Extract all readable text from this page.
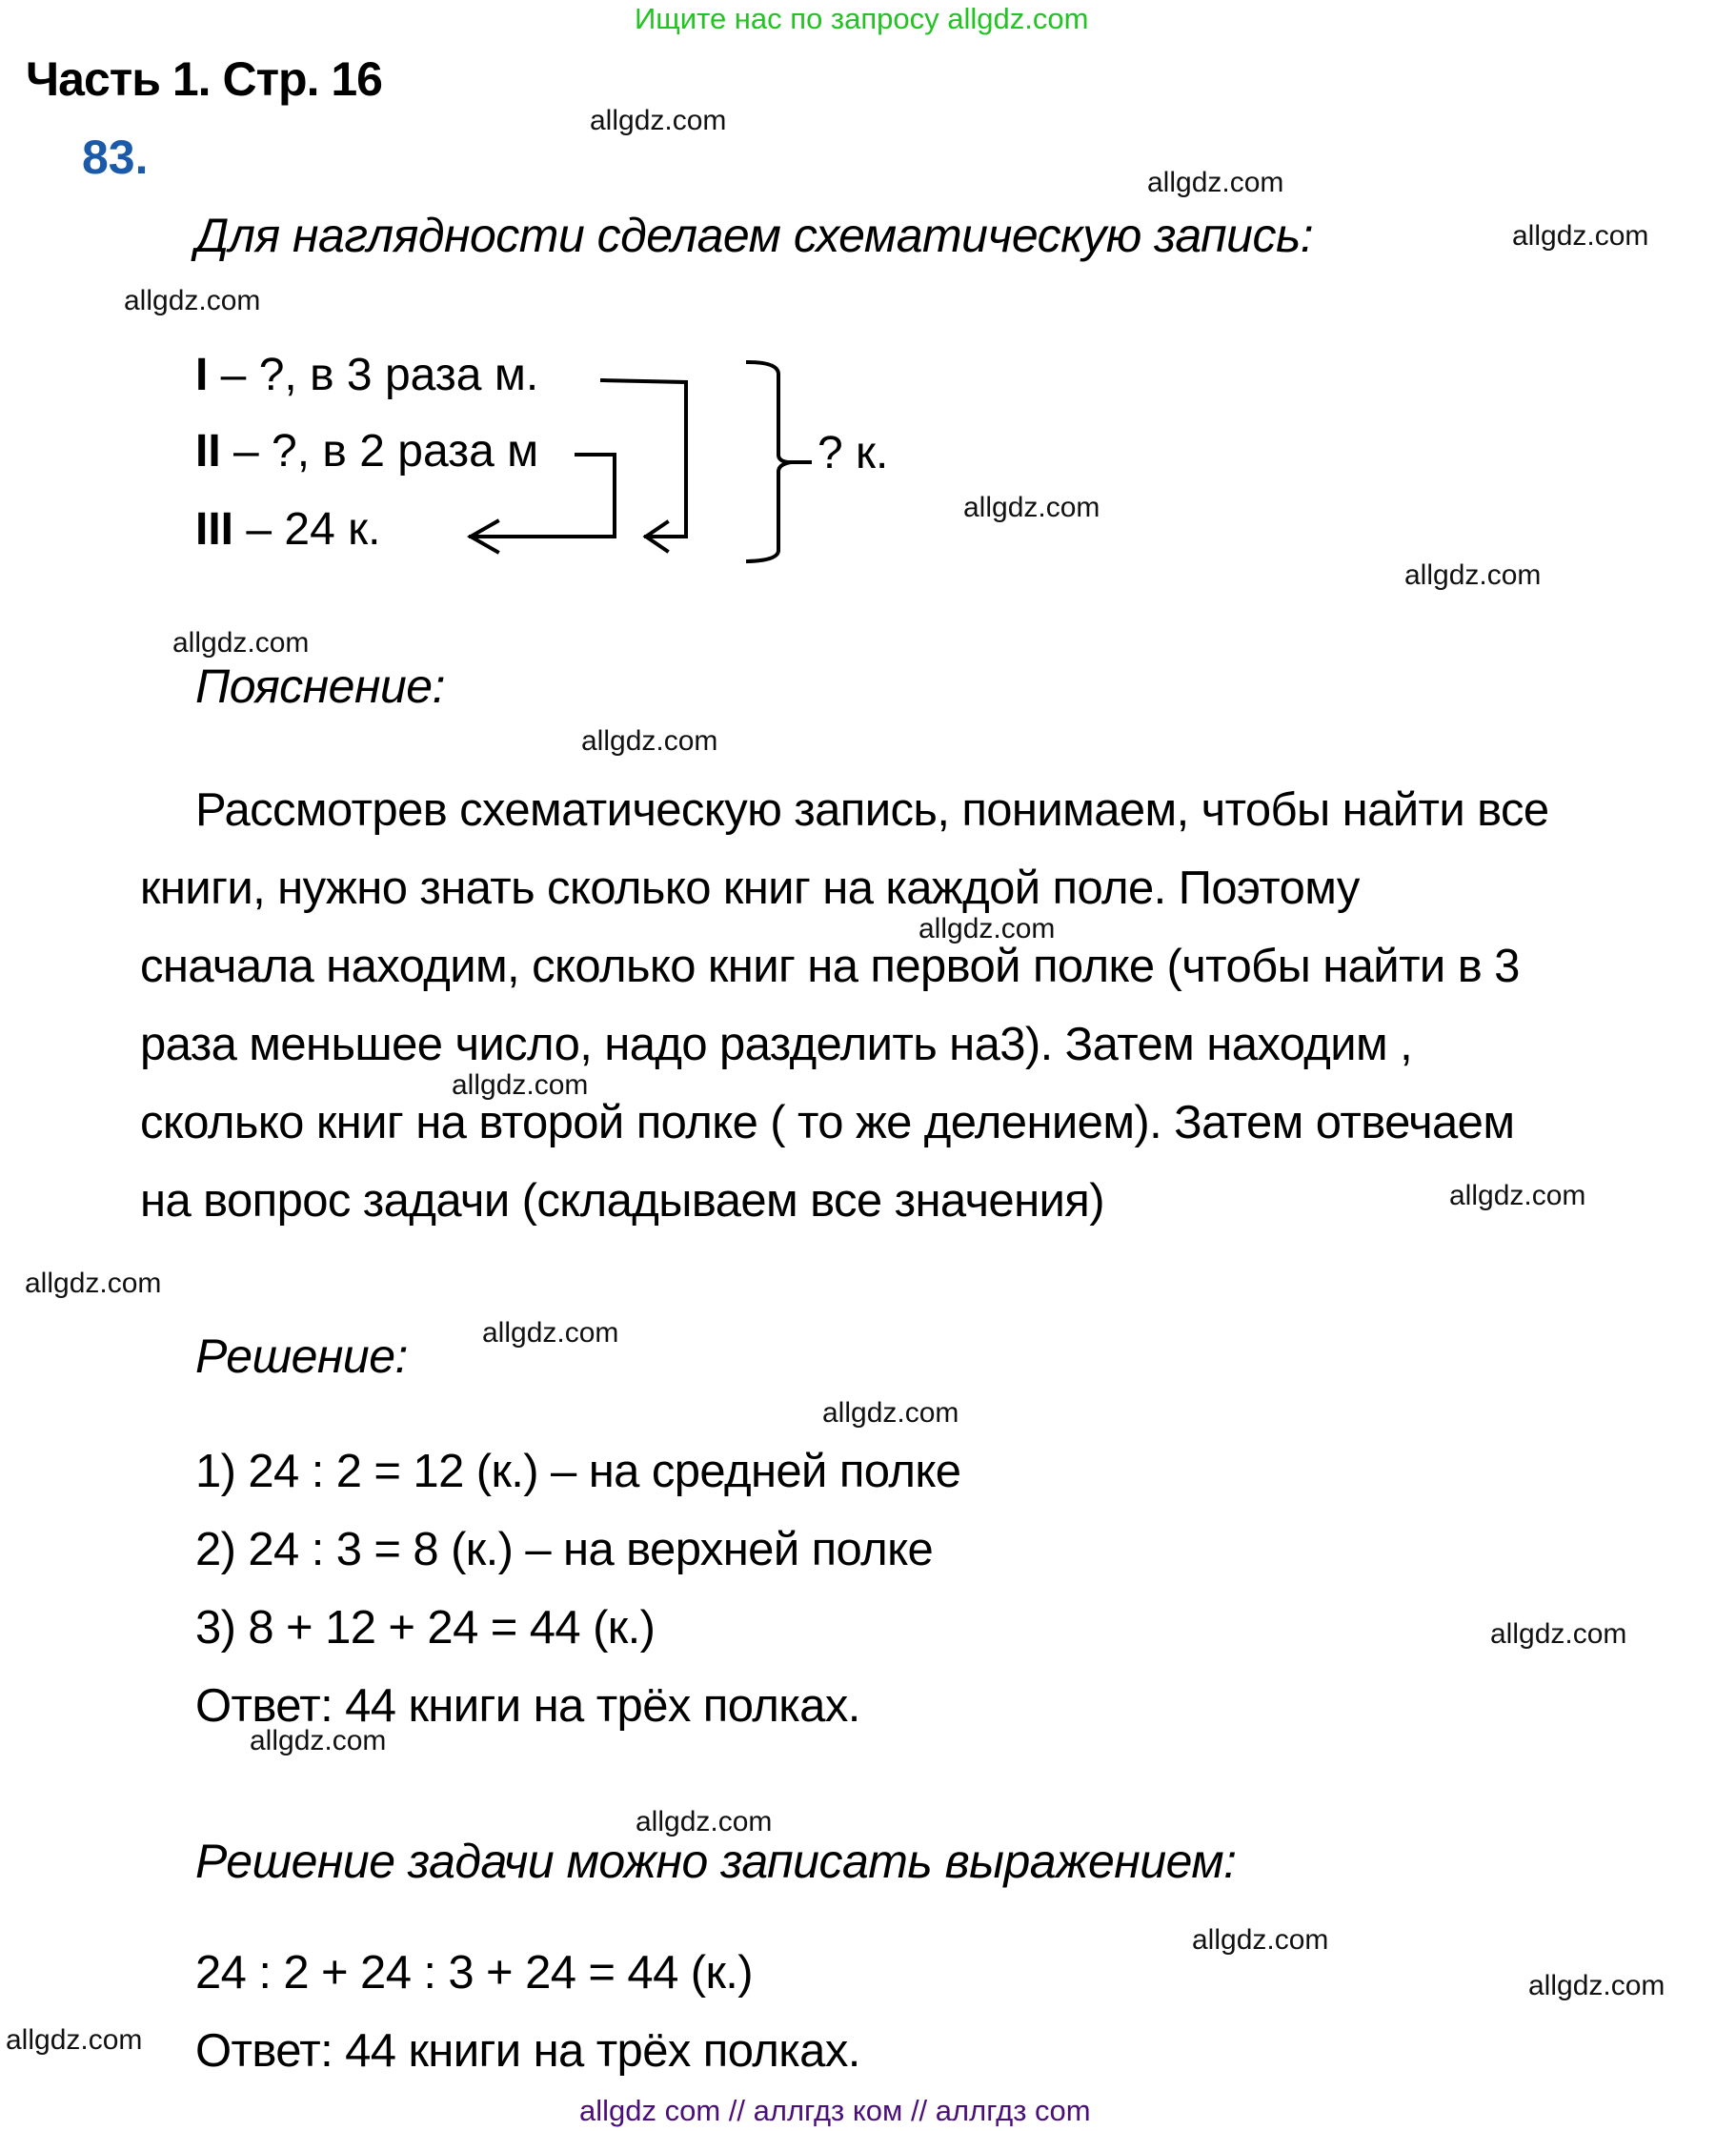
Ищите нас по запросу allgdz.com
Часть 1. Стр. 16
83.
Для наглядности сделаем схематическую запись:
I – ?, в 3 раза м.
II – ?, в 2 раза м
III – 24 к.
? к.
Пояснение:
Рассмотрев схематическую запись, понимаем, чтобы найти все
книги, нужно знать сколько книг на каждой поле. Поэтому
сначала находим, сколько книг на первой полке (чтобы найти в 3
раза меньшее число, надо разделить на3). Затем находим ,
сколько книг на второй полке ( то же делением). Затем отвечаем
на вопрос задачи (складываем все значения)
Решение:
1) 24 : 2 = 12 (к.) – на средней полке
2) 24 : 3 = 8 (к.) – на верхней полке
3) 8 + 12 + 24 = 44 (к.)
Ответ: 44 книги на трёх полках.
Решение задачи можно записать выражением:
24 : 2 + 24 : 3 + 24 = 44 (к.)
Ответ: 44 книги на трёх полках.
allgdz.com
allgdz.com
allgdz.com
allgdz.com
allgdz.com
allgdz.com
allgdz.com
allgdz.com
allgdz.com
allgdz.com
allgdz.com
allgdz.com
allgdz.com
allgdz.com
allgdz.com
allgdz.com
allgdz.com
allgdz.com
allgdz.com
allgdz.com
allgdz com // аллгдз ком // аллгдз com
